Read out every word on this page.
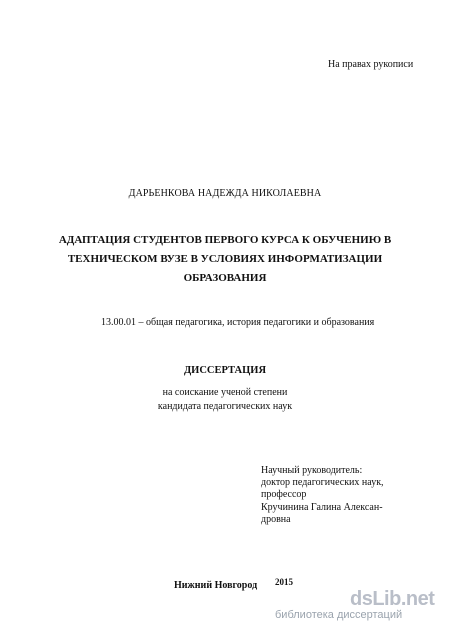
На правах рукописи
ДАРЬЕНКОВА НАДЕЖДА НИКОЛАЕВНА
АДАПТАЦИЯ СТУДЕНТОВ ПЕРВОГО КУРСА К ОБУЧЕНИЮ В
ТЕХНИЧЕСКОМ ВУЗЕ В УСЛОВИЯХ ИНФОРМАТИЗАЦИИ
ОБРАЗОВАНИЯ
13.00.01 – общая педагогика, история педагогики и образования
ДИССЕРТАЦИЯ
на соискание ученой степени
кандидата педагогических наук
Научный руководитель:
доктор педагогических наук,
профессор
Кручинина Галина Алексан-
дровна
Нижний Новгород 2015
dsLib.net
библиотека диссертаций
